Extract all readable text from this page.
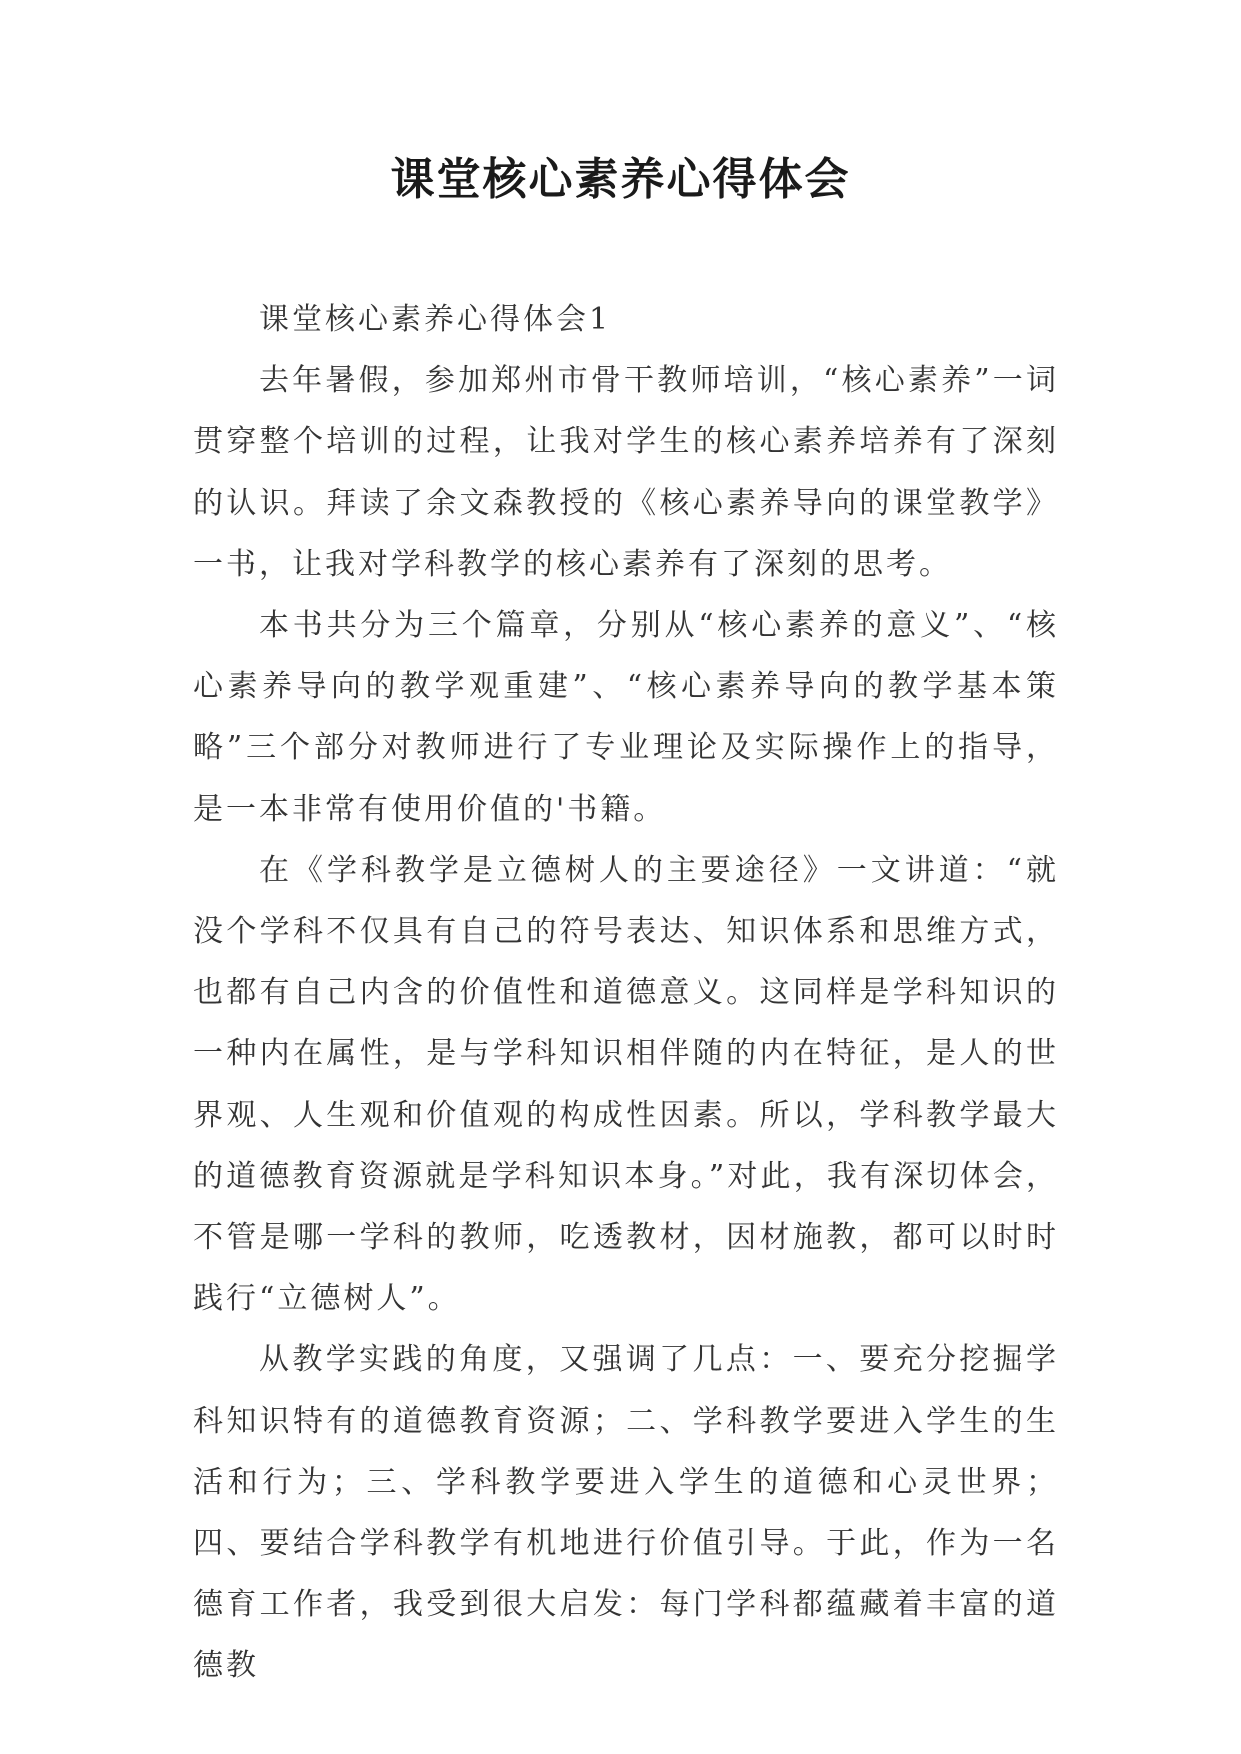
课堂核心素养心得体会

课堂核心素养心得体会1

去年暑假，参加郑州市骨干教师培训，“核心素养”一词贯穿整个培训的过程，让我对学生的核心素养培养有了深刻的认识。拜读了余文森教授的《核心素养导向的课堂教学》一书，让我对学科教学的核心素养有了深刻的思考。

本书共分为三个篇章，分别从“核心素养的意义”、“核心素养导向的教学观重建”、“核心素养导向的教学基本策略”三个部分对教师进行了专业理论及实际操作上的指导，是一本非常有使用价值的'书籍。

在《学科教学是立德树人的主要途径》一文讲道：“就没个学科不仅具有自己的符号表达、知识体系和思维方式，也都有自己内含的价值性和道德意义。这同样是学科知识的一种内在属性，是与学科知识相伴随的内在特征，是人的世界观、人生观和价值观的构成性因素。所以，学科教学最大的道德教育资源就是学科知识本身。”对此，我有深切体会，不管是哪一学科的教师，吃透教材，因材施教，都可以时时践行“立德树人”。

从教学实践的角度，又强调了几点：一、要充分挖掘学科知识特有的道德教育资源；二、学科教学要进入学生的生活和行为；三、学科教学要进入学生的道德和心灵世界；四、要结合学科教学有机地进行价值引导。于此，作为一名德育工作者，我受到很大启发：每门学科都蕴藏着丰富的道德教
